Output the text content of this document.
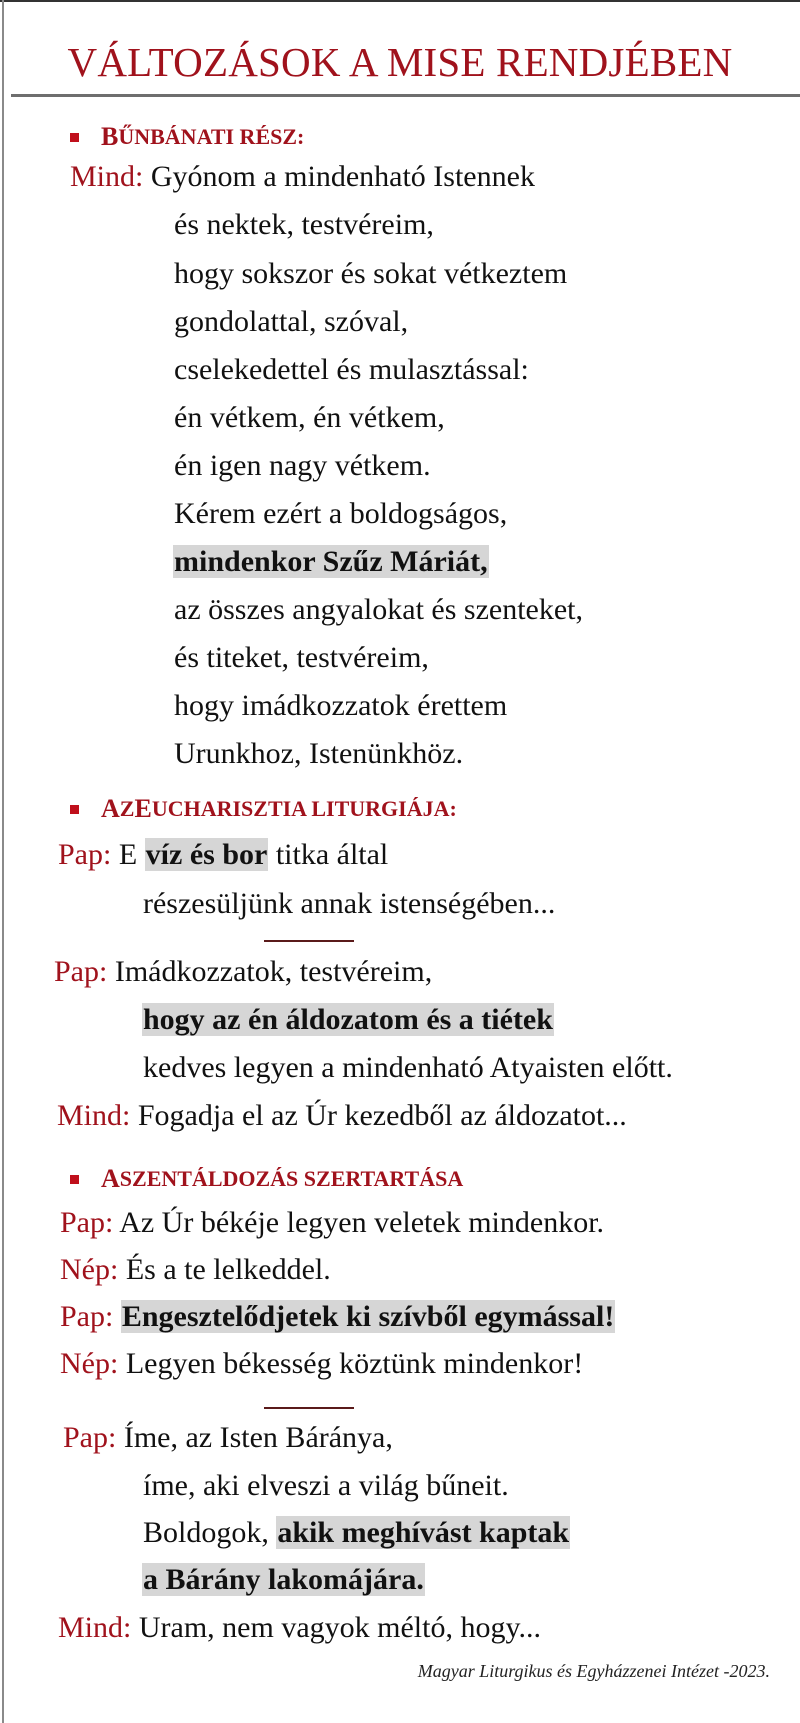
VÁLTOZÁSOK A MISE RENDJÉBEN
B ŰNBÁNATI RÉSZ:
Mind: Gyónom a mindenható Istennek
és nektek, testvéreim,
hogy sokszor és sokat vétkeztem
gondolattal, szóval,
cselekedettel és mulasztással:
én vétkem, én vétkem,
én igen nagy vétkem.
Kérem ezért a boldogságos,
mindenkor Szűz Máriát,
az összes angyalokat és szenteket,
és titeket, testvéreim,
hogy imádkozzatok érettem
Urunkhoz, Istenünkhöz.
A Z E UCHARISZTIA LITURGIÁJA:
Pap: E víz és bor titka által
részesüljünk annak istenségében...
Pap: Imádkozzatok, testvéreim,
hogy az én áldozatom és a tiétek
kedves legyen a mindenható Atyaisten előtt.
Mind: Fogadja el az Úr kezedből az áldozatot...
A SZENTÁLDOZÁS SZERTARTÁSA
Pap: Az Úr békéje legyen veletek mindenkor.
Nép: És a te lelkeddel.
Pap: Engesztelődjetek ki szívből egymással!
Nép: Legyen békesség köztünk mindenkor!
Pap: Íme, az Isten Báránya,
íme, aki elveszi a világ bűneit.
Boldogok, akik meghívást kaptak
a Bárány lakomájára.
Mind: Uram, nem vagyok méltó, hogy...
Magyar Liturgikus és Egyházzenei Intézet -2023.
